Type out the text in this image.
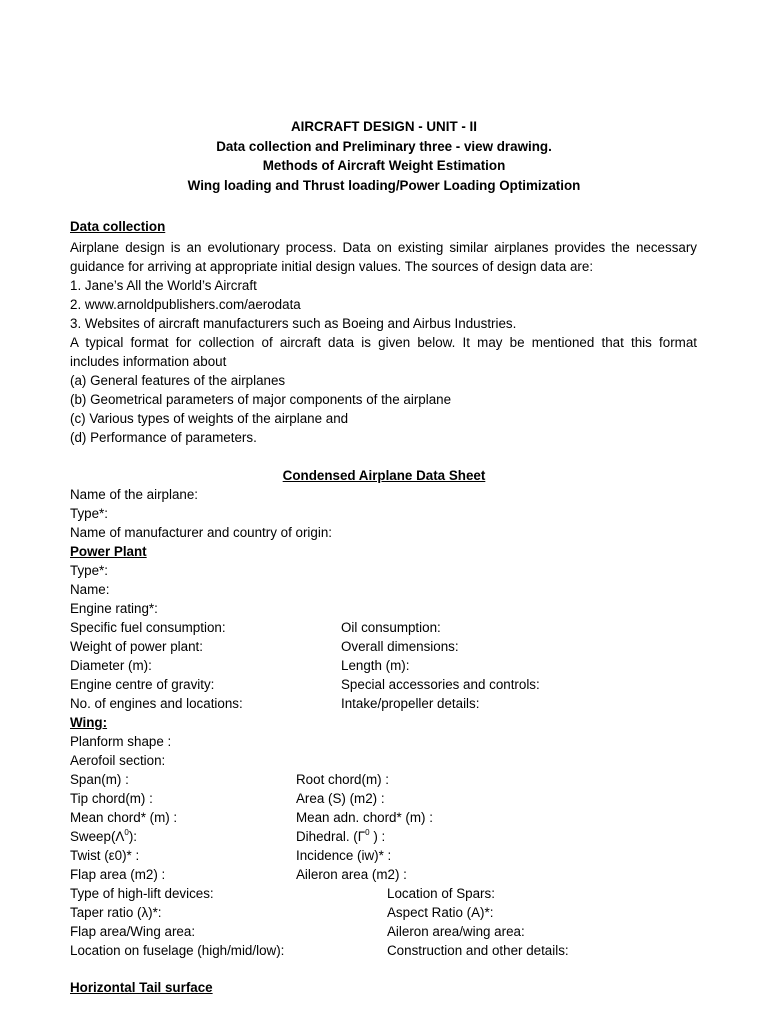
AIRCRAFT DESIGN - UNIT - II
Data collection and Preliminary three - view drawing.
Methods of Aircraft Weight Estimation
Wing loading and Thrust loading/Power Loading Optimization
Data collection
Airplane design is an evolutionary process. Data on existing similar airplanes provides the necessary
guidance for arriving at appropriate initial design values. The sources of design data are:
1. Jane’s All the World’s Aircraft
2. www.arnoldpublishers.com/aerodata
3. Websites of aircraft manufacturers such as Boeing and Airbus Industries.
A typical format for collection of aircraft data is given below. It may be mentioned that this format
includes information about
(a) General features of the airplanes
(b) Geometrical parameters of major components of the airplane
(c) Various types of weights of the airplane and
(d) Performance of parameters.
Condensed Airplane Data Sheet
Name of the airplane:
Type*:
Name of manufacturer and country of origin:
Power Plant
Type*:
Name:
Engine rating*:
Specific fuel consumption:	Oil consumption:
Weight of power plant:	Overall dimensions:
Diameter (m):	Length (m):
Engine centre of gravity:	Special accessories and controls:
No. of engines and locations:	Intake/propeller details:
Wing:
Planform shape :
Aerofoil section:
Span(m) :	Root chord(m) :
Tip chord(m) :	Area (S) (m2) :
Mean chord* (m) :	Mean adn. chord* (m) :
$Sweep(\Lambda^0)$:	Dihedral. ($\Gamma^0$ ) :
Twist (ε0)* :	Incidence (iw)* :
Flap area (m2) :	Aileron area (m2) :
Type of high-lift devices:	Location of Spars:
Taper ratio (λ)*:	Aspect Ratio (A)*:
Flap area/Wing area:	Aileron area/wing area:
Location on fuselage (high/mid/low):	Construction and other details:
Horizontal Tail surface
